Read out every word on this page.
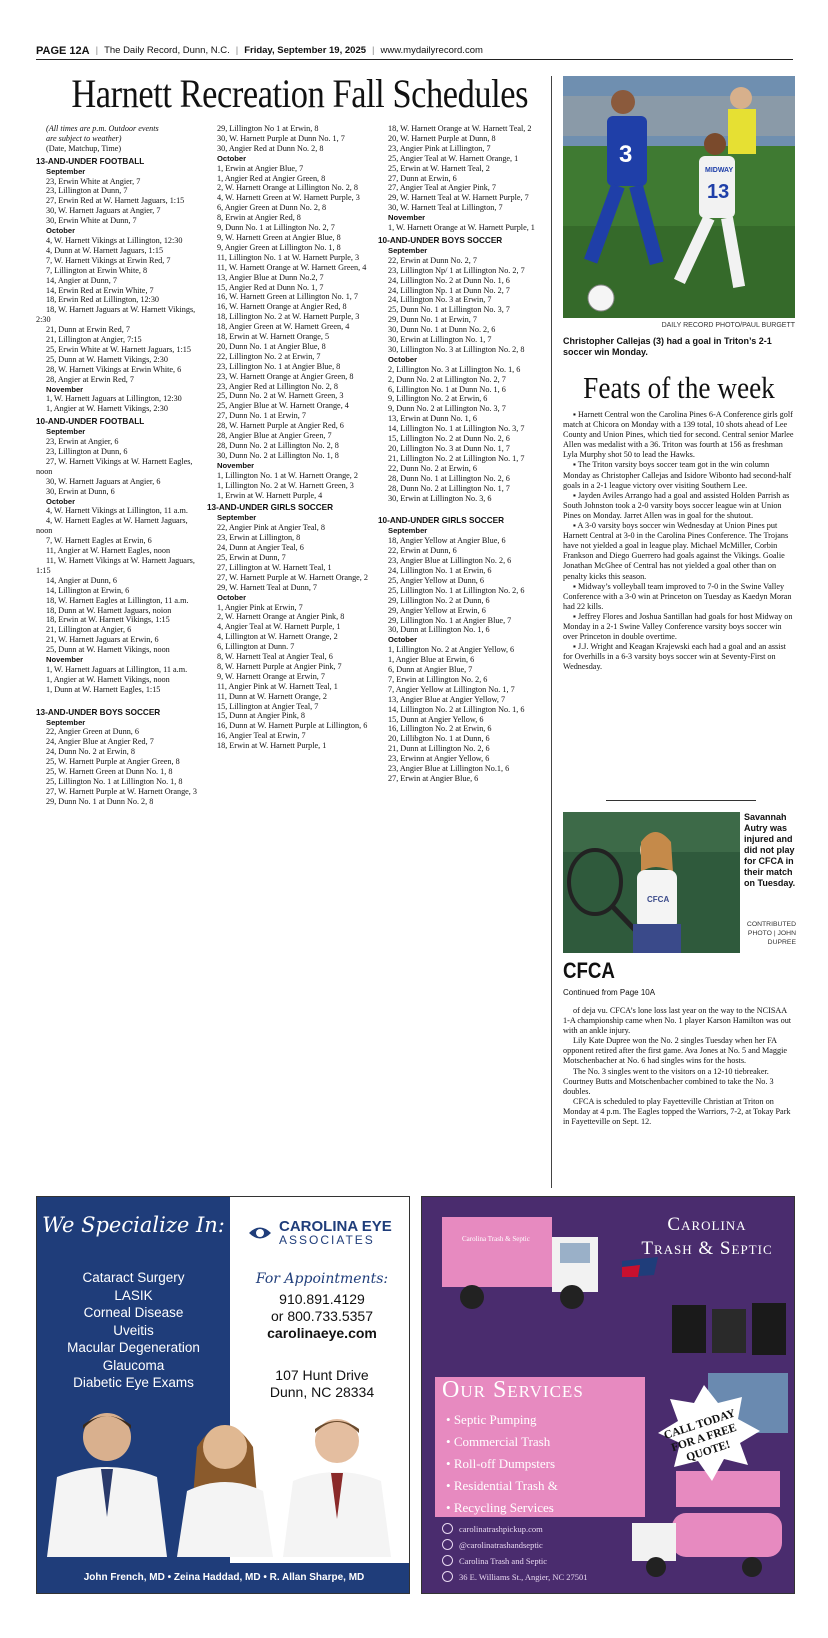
PAGE 12A | The Daily Record, Dunn, N.C. | Friday, September 19, 2025 | www.mydailyrecord.com
Harnett Recreation Fall Schedules
(All times are p.m. Outdoor events
are subject to weather)
(Date, Matchup, Time)
13-AND-UNDER FOOTBALL
September
23, Erwin White at Angier, 7
23, Lillington at Dunn, 7
27, Erwin Red at W. Harnett Jaguars, 1:15
30, W. Harnett Jaguars at Angier, 7
30, Erwin White at Dunn, 7
October
4, W. Harnett Vikings at Lillington, 12:30
4, Dunn at W. Harnett Jaguars, 1:15
7, W. Harnett Vikings at Erwin Red, 7
7, Lillington at Erwin White, 8
14, Angier at Dunn, 7
14, Erwin Red at Erwin White, 7
18, Erwin Red at Lillington, 12:30
18, W. Harnett Jaguars at W. Harnett Vikings, 2:30
21, Dunn at Erwin Red, 7
21, Lillington at Angier, 7:15
25, Erwin White at W. Harnett Jaguars, 1:15
25, Dunn at W. Harnett Vikings, 2:30
28, W. Harnett Vikings at Erwin White, 6
28, Angier at Erwin Red, 7
November
1, W. Harnett Jaguars at Lillington, 12:30
1, Angier at W. Harnett Vikings, 2:30
10-AND-UNDER FOOTBALL
September
23, Erwin at Angier, 6
23, Lillington at Dunn, 6
27, W. Harnett Vikings at W. Harnett Eagles, noon
30, W. Harnett Jaguars at Angier, 6
30, Erwin at Dunn, 6
October
4, W. Harnett Vikings at Lillington, 11 a.m.
4, W. Harnett Eagles at W. Harnett Jaguars, noon
7, W. Harnett Eagles at Erwin, 6
11, Angier at W. Harnett Eagles, noon
11, W. Harnett Vikings at W. Harnett Jaguars, 1:15
14, Angier at Dunn, 6
14, Lillington at Erwin, 6
18, W. Harnett Eagles at Lillington, 11 a.m.
18, Dunn at W. Harnett Jaguars, noion
18, Erwin at W. Harnett Vikings, 1:15
21, Lillington at Angier, 6
21, W. Harnett Jaguars at Erwin, 6
25, Dunn at W. Harnett Vikings, noon
November
1, W. Harnett Jaguars at Lillington, 11 a.m.
1, Angier at W. Harnett Vikings, noon
1, Dunn at W. Harnett Eagles, 1:15
13-AND-UNDER BOYS SOCCER
September
22, Angier Green at Dunn, 6
24, Angier Blue at Angier Red, 7
24, Dunn No. 2 at Erwin, 8
25, W. Harnett Purple at Angier Green, 8
25, W. Harnett Green at Dunn No. 1, 8
25, Lillington No. 1 at Lillington No. 1, 8
27, W. Harnett Purple at W. Harnett Orange, 3
29, Dunn No. 1 at Dunn No. 2, 8
29, Lillington No 1 at Erwin, 8
30, W. Harnett Purple at Dunn No. 1, 7
30, Angier Red at Dunn No. 2, 8
October
1, Erwin at Angier Blue, 7
1, Angier Red at Angier Green, 8
2, W. Harnett Orange at Lillington No. 2, 8
4, W. Harnett Green at W. Harnett Purple, 3
6, Angier Green at Dunn No. 2, 8
8, Erwin at Angier Red, 8
9, Dunn No. 1 at Lillington No. 2, 7
9, W. Harnett Green at Angier Blue, 8
9, Angier Green at Lillington No. 1, 8
11, Lillington No. 1 at W. Harnett Purple, 3
11, W. Harnett Orange at W. Harnett Green, 4
13, Angier Blue at Dunn No.2, 7
15, Angier Red at Dunn No. 1, 7
16, W. Harnett Green at Lillington No. 1, 7
16, W. Harnett Orange at Angier Red, 8
18, Lillington No. 2 at W. Harnett Purple, 3
18, Angier Green at W. Harnett Green, 4
18, Erwin at W. Harnett Orange, 5
20, Dunn No. 1 at Angier Blue, 8
22, Lillington No. 2 at Erwin, 7
23, Lillington No. 1 at Angier Blue, 8
23, W. Harnett Orange at Angier Green, 8
23, Angier Red at Lillington No. 2, 8
25, Dunn No. 2 at W. Harnett Green, 3
25, Angier Blue at W. Harnett Orange, 4
27, Dunn No. 1 at Erwin, 7
28, W. Harnett Purple at Angier Red, 6
28, Angier Blue at Angier Green, 7
28, Dunn No. 2 at Lillington No. 2, 8
30, Dunn No. 2 at Lillington No. 1, 8
November
1, Lillington No. 1 at W. Harnett Orange, 2
1, Lillington No. 2 at W. Harnett Green, 3
1, Erwin at W. Harnett Purple, 4
13-AND-UNDER GIRLS SOCCER
September
22, Angier Pink at Angier Teal, 8
23, Erwin at Lillington, 8
24, Dunn at Angier Teal, 6
25, Erwin at Dunn, 7
27, Lillington at W. Harnett Teal, 1
27, W. Harnett Purple at W. Harnett Orange, 2
29, W. Harnett Teal at Dunn, 7
October
1, Angier Pink at Erwin, 7
2, W. Harnett Orange at Angier Pink, 8
4, Angier Teal at W. Harnett Purple, 1
4, Lillington at W. Harnett Orange, 2
6, Lillington at Dunn. 7
8, W. Harnett Teal at Angier Teal, 6
8, W. Harnett Purple at Angier Pink, 7
9, W. Harnett Orange at Erwin, 7
11, Angier Pink at W. Harnett Teal, 1
11, Dunn at W. Harnett Orange, 2
15, Lillington at Angier Teal, 7
15, Dunn at Angier Pink, 8
16, Dunn at W. Harnett Purple at Lillington, 6
16, Angier Teal at Erwin, 7
18, Erwin at W. Harnett Purple, 1
18, W. Harnett Orange at W. Harnett Teal, 2
20, W. Harnett Purple at Dunn, 8
23, Angier Pink at Lillington, 7
25, Angier Teal at W. Harnett Orange, 1
25, Erwin at W. Harnett Teal, 2
27, Dunn at Erwin, 6
27, Angier Teal at Angier Pink, 7
29, W. Harnett Teal at W. Harnett Purple, 7
30, W. Harnett Teal at Lillington, 7
November
1, W. Harnett Orange at W. Harnett Purple, 1
10-AND-UNDER BOYS SOCCER
September
22, Erwin at Dunn No. 2, 7
23, Lillington Np/ 1 at Lillington No. 2, 7
24, Lillington No. 2 at Dunn No. 1, 6
24, Lillington Np. 1 at Dunn No. 2, 7
24, Lillington No. 3 at Erwin, 7
25, Dunn No. 1 at Lillington No. 3, 7
29, Dunn No. 1 at Erwin, 7
30, Dunn No. 1 at Dunn No. 2, 6
30, Erwin at Lillington No. 1, 7
30, Lillington No. 3 at Lillington No. 2, 8
October
2, Lillington No. 3 at Lillington No. 1, 6
2, Dunn No. 2 at Lillington No. 2, 7
6, Lillington No. 1 at Dunn No. 1, 6
9, Lillington No. 2 at Erwin, 6
9, Dunn No. 2 at Lillington No. 3, 7
13, Erwin at Dunn No. 1, 6
14, Lillington No. 1 at Lillington No. 3, 7
15, Lillington No. 2 at Dunn No. 2, 6
20, Lillington No. 3 at Dunn No. 1, 7
21, Lillington No. 2 at Lillington No. 1, 7
22, Dunn No. 2 at Erwin, 6
28, Dunn No. 1 at Lillington No. 2, 6
28, Dunn No. 2 at Lillington No. 1, 7
30, Erwin at Lillington No. 3, 6
10-AND-UNDER GIRLS SOCCER
September
18, Angier Yellow at Angier Blue, 6
22, Erwin at Dunn, 6
23, Angier Blue at Lillington No. 2, 6
24, Lillington No. 1 at Erwin, 6
25, Angier Yellow at Dunn, 6
25, Lillington No. 1 at Lillington No. 2, 6
29, Lillington No. 2 at Dunn, 6
29, Angier Yellow at Erwin, 6
29, Lillington No. 1 at Angier Blue, 7
30, Dunn at Lillington No. 1, 6
October
1, Lillington No. 2 at Angier Yellow, 6
1, Angier Blue at Erwin, 6
6, Dunn at Angier Blue, 7
7, Erwin at Lillington No. 2, 6
7, Angier Yellow at Lillington No. 1, 7
13, Angier Blue at Angier Yellow, 7
14, Lillington No. 2 at Lillington No. 1, 6
15, Dunn at Angier Yellow, 6
16, Lillington No. 2 at Erwin, 6
20, Lillibgton No. 1 at Dunn, 6
21, Dunn at Lillington No. 2, 6
23, Erwinn at Angier Yellow, 6
23, Angier Blue at Lillington No.1, 6
27, Erwin at Angier Blue, 6
3
MIDWAY
13
DAILY RECORD PHOTO/PAUL BURGETT
Christopher Callejas (3) had a goal in Triton’s 2-1 soccer win Monday.
Feats of the week

▪ Harnett Central won the Carolina Pines 6-A Conference girls golf match at Chicora on Monday with a 139 total, 10 shots ahead of Lee County and Union Pines, which tied for second. Central senior Marlee Allen was medalist with a 36. Triton was fourth at 156 as freshman Lyla Murphy shot 50 to lead the Hawks.

▪ The Triton varsity boys soccer team got in the win column Monday as Christopher Callejas and Isidore Wibonto had second-half goals in a 2-1 league victory over visiting Southern Lee.

▪ Jayden Aviles Arrango had a goal and assisted Holden Parrish as South Johnston took a 2-0 varsity boys soccer league win at Union Pines on Monday. Jarret Allen was in goal for the shutout.

▪ A 3-0 varsity boys soccer win Wednesday at Union Pines put Harnett Central at 3-0 in the Carolina Pines Conference. The Trojans have not yielded a goal in league play. Michael McMiller, Corbin Frankson and Diego Guerrero had goals against the Vikings. Goalie Jonathan McGhee of Central has not yielded a goal other than on penalty kicks this season.

▪ Midway’s volleyball team improved to 7-0 in the Swine Valley Conference with a 3-0 win at Princeton on Tuesday as Kaedyn Moran had 22 kills.

▪ Jeffrey Flores and Joshua Santillan had goals for host Midway on Monday in a 2-1 Swine Valley Conference varsity boys soccer win over Princeton in double overtime.

▪ J.J. Wright and Keagan Krajewski each had a goal and an assist for Overhills in a 6-3 varsity boys soccer win at Seventy-First on Wednesday.

CFCA
Savannah Autry was injured and did not play for CFCA in their match on Tuesday.
CONTRIBUTED PHOTO | JOHN DUPREE
CFCA
Continued from Page 10A

of deja vu. CFCA’s lone loss last year on the way to the NCISAA 1-A championship came when No. 1 player Karson Hamilton was out with an ankle injury.

Lily Kate Dupree won the No. 2 singles Tuesday when her FA opponent retired after the first game. Ava Jones at No. 5 and Maggie Motschenbacher at No. 6 had singles wins for the hosts.

The No. 3 singles went to the visitors on a 12-10 tiebreaker. Courtney Butts and Motschenbacher combined to take the No. 3 doubles.

CFCA is scheduled to play Fayetteville Christian at Triton on Monday at 4 p.m. The Eagles topped the Warriors, 7-2, at Tokay Park in Fayetteville on Sept. 12.

We Specialize In:
Cataract Surgery
LASIK
Corneal Disease
Uveitis
Macular Degeneration
Glaucoma
Diabetic Eye Exams
CAROLINA EYE
ASSOCIATES
For Appointments:
910.891.4129
or 800.733.5357
carolinaeye.com
107 Hunt Drive
Dunn, NC 28334
John French, MD • Zeina Haddad, MD • R. Allan Sharpe, MD
Carolina Trash & Septic
Carolina
Trash & Septic
Our Services
• Septic Pumping
• Commercial Trash
• Roll-off Dumpsters
• Residential Trash &
• Recycling Services
CALL TODAY FOR A FREE QUOTE!
carolinatrashpickup.com
@carolinatrashandseptic
Carolina Trash and Septic
36 E. Williams St., Angier, NC 27501
